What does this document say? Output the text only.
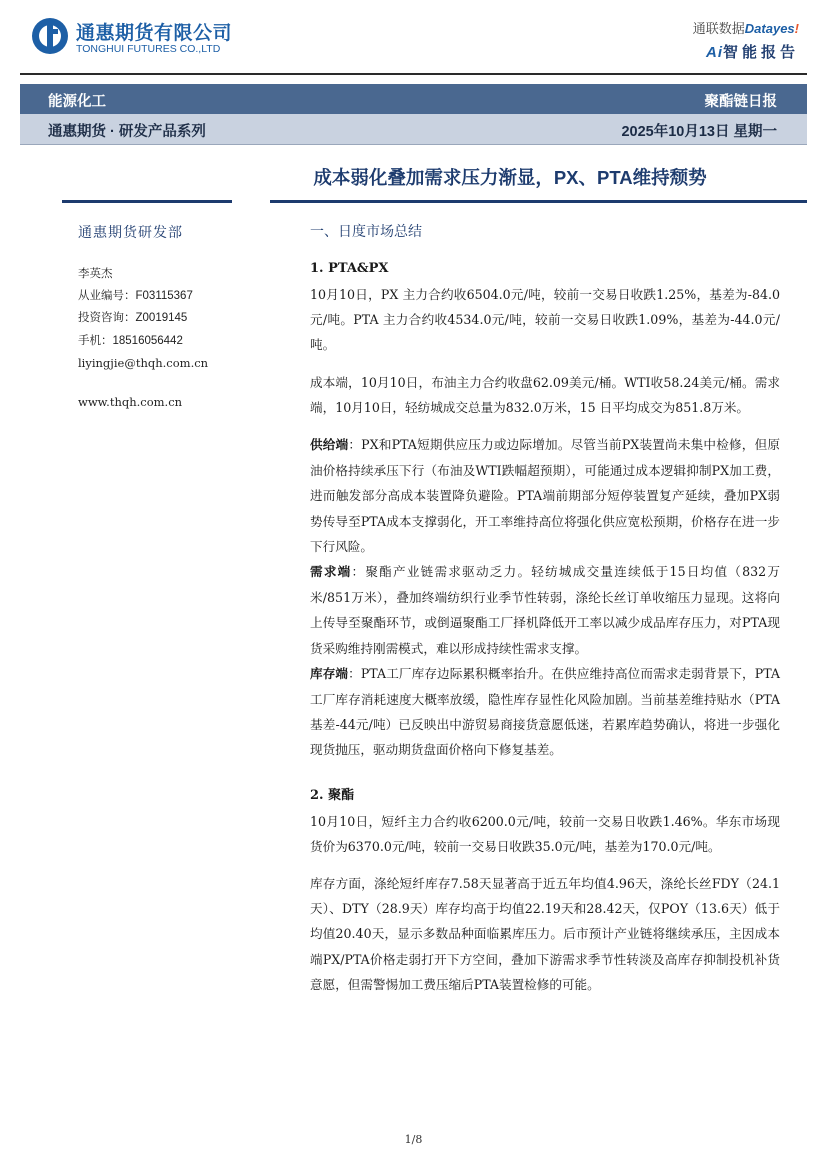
通惠期货有限公司
TONGHUI FUTURES CO.,LTD
通联数据Datayes!
Ai智能报告
能源化工	聚酯链日报
通惠期货 · 研发产品系列	2025年10月13日 星期一
成本弱化叠加需求压力渐显，PX、PTA维持颓势
通惠期货研发部
李英杰
从业编号：F03115367
投资咨询：Z0019145
手机：18516056442
liyingjie@thqh.com.cn
www.thqh.com.cn
一、日度市场总结
1. PTA&PX

10月10日，PX 主力合约收6504.0元/吨，较前一交易日收跌1.25%，基差为-84.0元/吨。PTA 主力合约收4534.0元/吨，较前一交易日收跌1.09%，基差为-44.0元/吨。

成本端，10月10日，布油主力合约收盘62.09美元/桶。WTI收58.24美元/桶。需求端，10月10日，轻纺城成交总量为832.0万米，15 日平均成交为851.8万米。

供给端：PX和PTA短期供应压力或边际增加。尽管当前PX装置尚未集中检修，但原油价格持续承压下行（布油及WTI跌幅超预期），可能通过成本逻辑抑制PX加工费，进而触发部分高成本装置降负避险。PTA端前期部分短停装置复产延续，叠加PX弱势传导至PTA成本支撑弱化，开工率维持高位将强化供应宽松预期，价格存在进一步下行风险。

需求端：聚酯产业链需求驱动乏力。轻纺城成交量连续低于15日均值（832万米/851万米），叠加终端纺织行业季节性转弱，涤纶长丝订单收缩压力显现。这将向上传导至聚酯环节，或倒逼聚酯工厂择机降低开工率以减少成品库存压力，对PTA现货采购维持刚需模式，难以形成持续性需求支撑。

库存端：PTA工厂库存边际累积概率抬升。在供应维持高位而需求走弱背景下，PTA工厂库存消耗速度大概率放缓，隐性库存显性化风险加剧。当前基差维持贴水（PTA基差-44元/吨）已反映出中游贸易商接货意愿低迷，若累库趋势确认，将进一步强化现货抛压，驱动期货盘面价格向下修复基差。

2. 聚酯

10月10日，短纤主力合约收6200.0元/吨，较前一交易日收跌1.46%。华东市场现货价为6370.0元/吨，较前一交易日收跌35.0元/吨，基差为170.0元/吨。

库存方面，涤纶短纤库存7.58天显著高于近五年均值4.96天，涤纶长丝FDY（24.1天）、DTY（28.9天）库存均高于均值22.19天和28.42天，仅POY（13.6天）低于均值20.40天，显示多数品种面临累库压力。后市预计产业链将继续承压，主因成本端PX/PTA价格走弱打开下方空间，叠加下游需求季节性转淡及高库存抑制投机补货意愿，但需警惕加工费压缩后PTA装置检修的可能。

1/8
